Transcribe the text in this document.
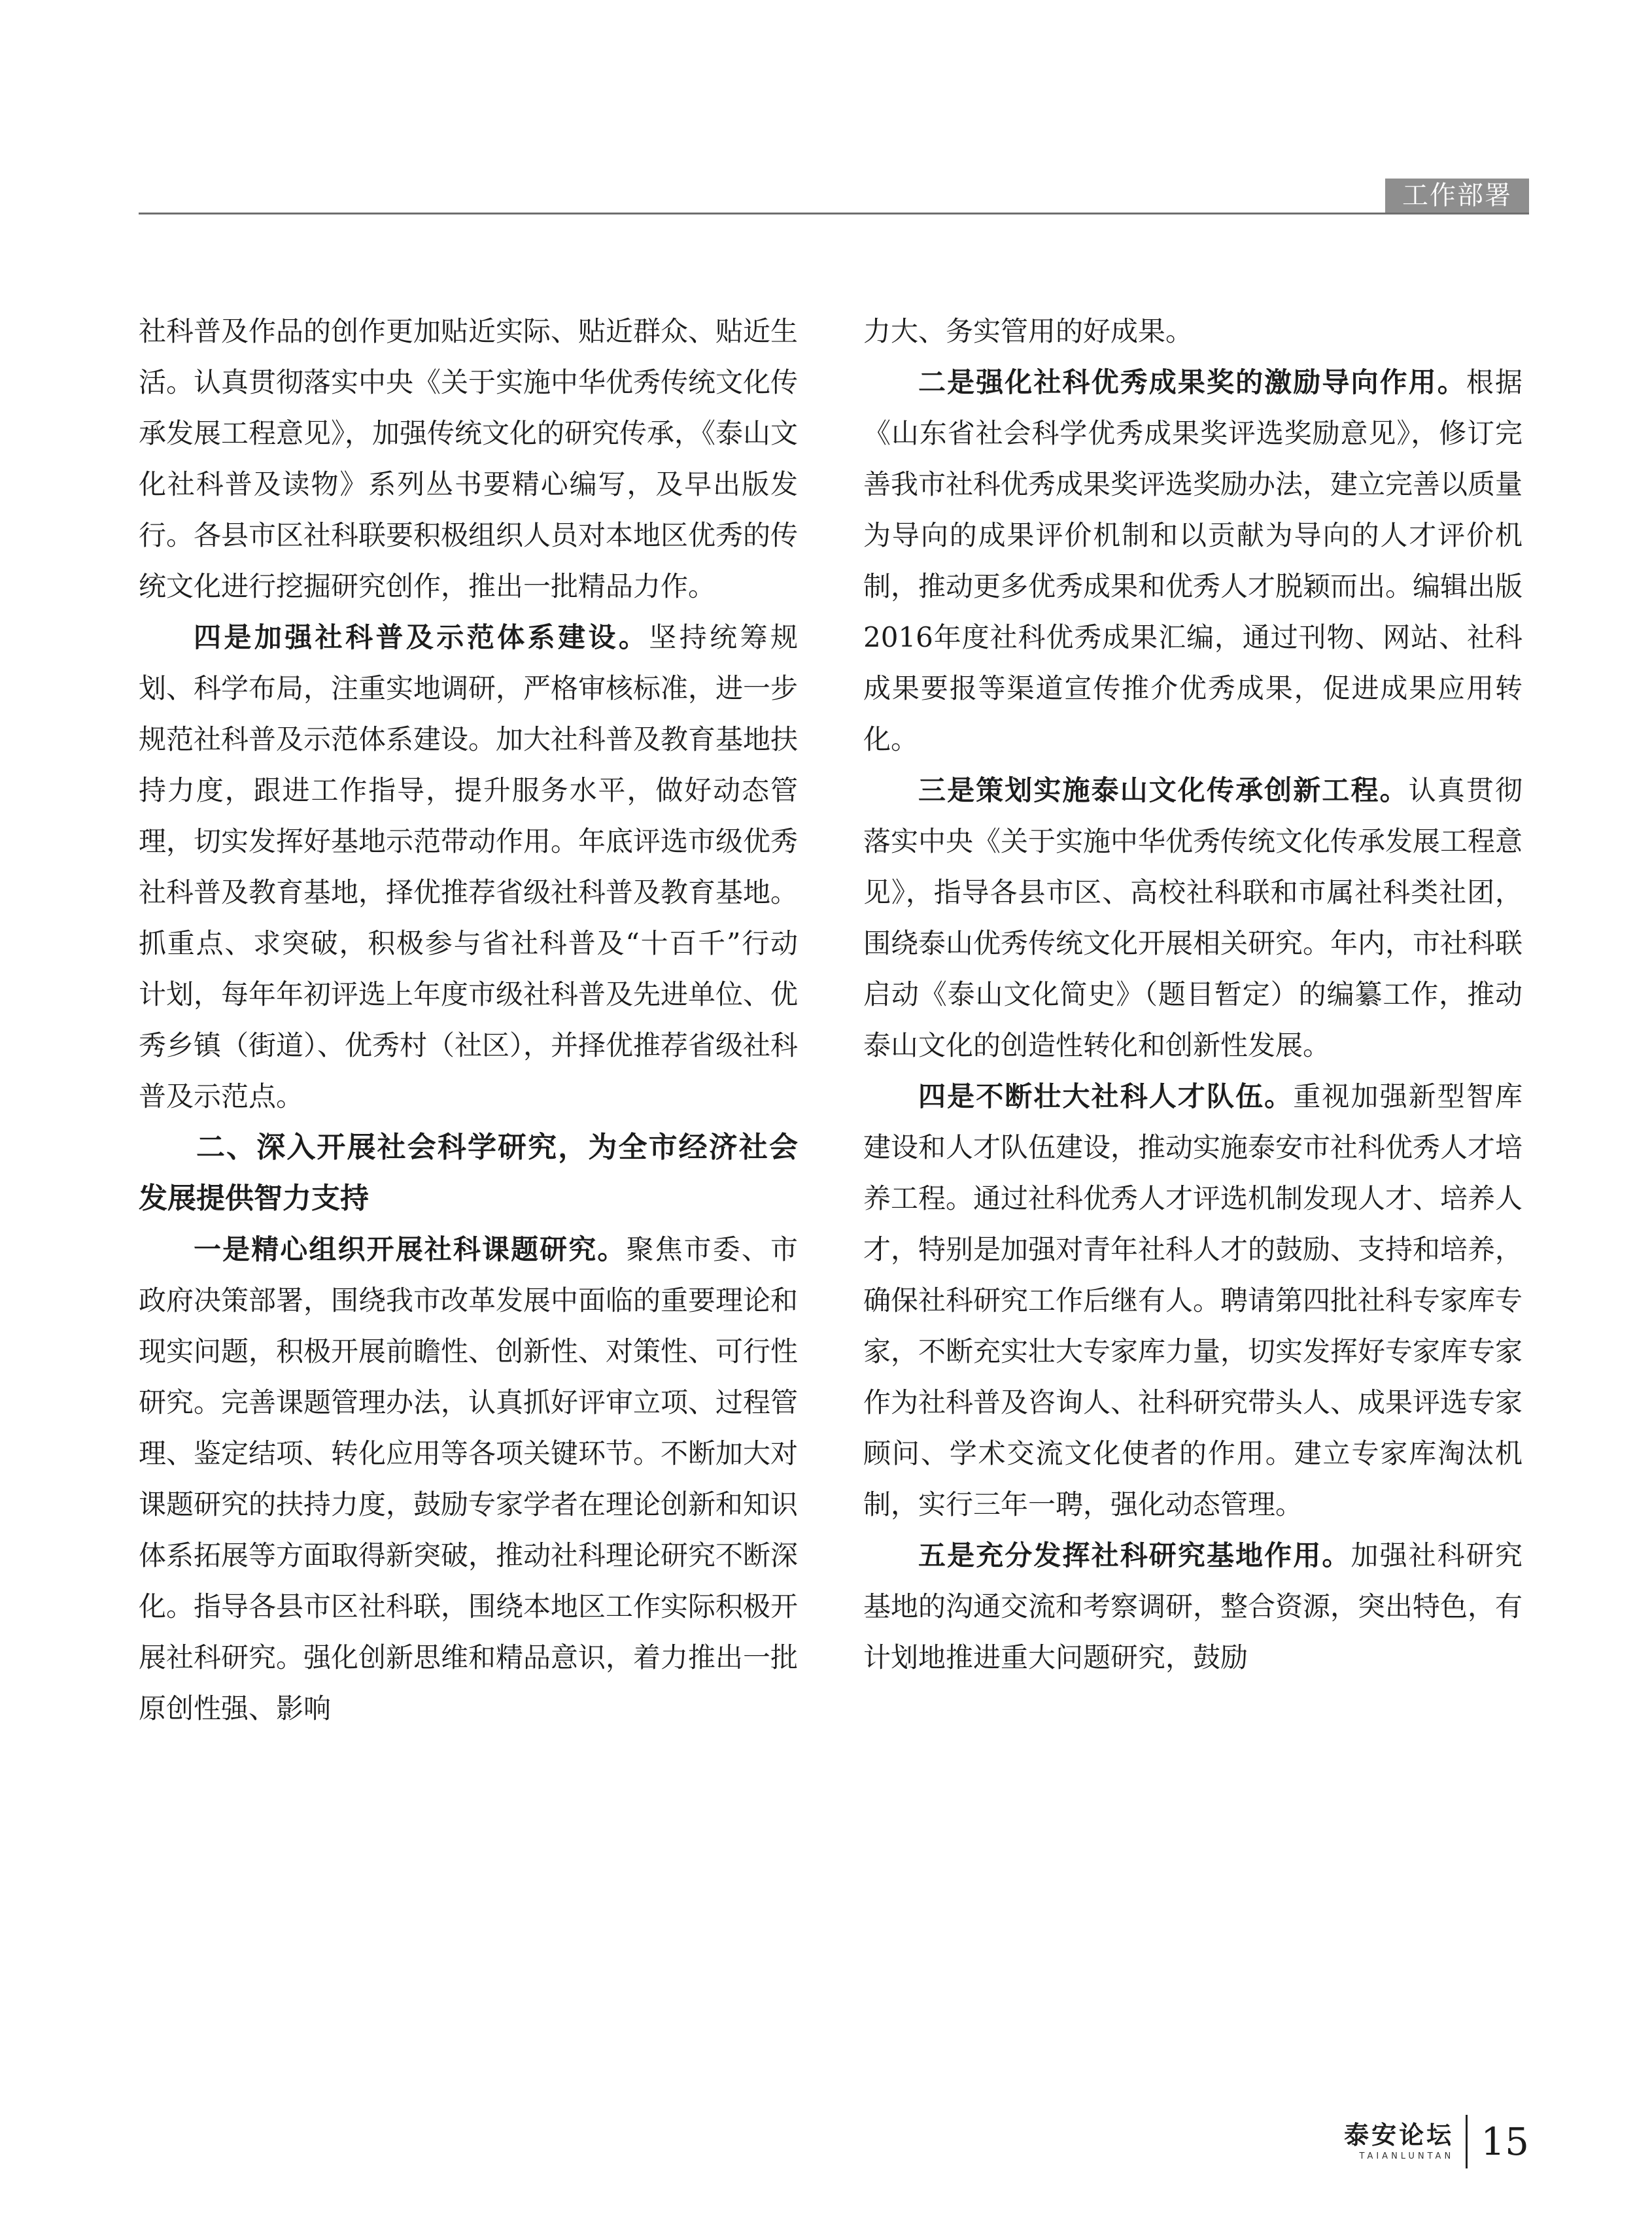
工作部署

社科普及作品的创作更加贴近实际、贴近群众、贴近生活。认真贯彻落实中央《关于实施中华优秀传统文化传承发展工程意见》，加强传统文化的研究传承，《泰山文化社科普及读物》系列丛书要精心编写，及早出版发行。各县市区社科联要积极组织人员对本地区优秀的传统文化进行挖掘研究创作，推出一批精品力作。

四是加强社科普及示范体系建设。坚持统筹规划、科学布局，注重实地调研，严格审核标准，进一步规范社科普及示范体系建设。加大社科普及教育基地扶持力度，跟进工作指导，提升服务水平，做好动态管理，切实发挥好基地示范带动作用。年底评选市级优秀社科普及教育基地，择优推荐省级社科普及教育基地。抓重点、求突破，积极参与省社科普及“十百千”行动计划，每年年初评选上年度市级社科普及先进单位、优秀乡镇（街道）、优秀村（社区），并择优推荐省级社科普及示范点。

二、深入开展社会科学研究，为全市经济社会发展提供智力支持

一是精心组织开展社科课题研究。聚焦市委、市政府决策部署，围绕我市改革发展中面临的重要理论和现实问题，积极开展前瞻性、创新性、对策性、可行性研究。完善课题管理办法，认真抓好评审立项、过程管理、鉴定结项、转化应用等各项关键环节。不断加大对课题研究的扶持力度，鼓励专家学者在理论创新和知识体系拓展等方面取得新突破，推动社科理论研究不断深化。指导各县市区社科联，围绕本地区工作实际积极开展社科研究。强化创新思维和精品意识，着力推出一批原创性强、影响

力大、务实管用的好成果。

二是强化社科优秀成果奖的激励导向作用。根据《山东省社会科学优秀成果奖评选奖励意见》，修订完善我市社科优秀成果奖评选奖励办法，建立完善以质量为导向的成果评价机制和以贡献为导向的人才评价机制，推动更多优秀成果和优秀人才脱颖而出。编辑出版2016年度社科优秀成果汇编，通过刊物、网站、社科成果要报等渠道宣传推介优秀成果，促进成果应用转化。

三是策划实施泰山文化传承创新工程。认真贯彻落实中央《关于实施中华优秀传统文化传承发展工程意见》，指导各县市区、高校社科联和市属社科类社团，围绕泰山优秀传统文化开展相关研究。年内，市社科联启动《泰山文化简史》（题目暂定）的编纂工作，推动泰山文化的创造性转化和创新性发展。

四是不断壮大社科人才队伍。重视加强新型智库建设和人才队伍建设，推动实施泰安市社科优秀人才培养工程。通过社科优秀人才评选机制发现人才、培养人才，特别是加强对青年社科人才的鼓励、支持和培养，确保社科研究工作后继有人。聘请第四批社科专家库专家，不断充实壮大专家库力量，切实发挥好专家库专家作为社科普及咨询人、社科研究带头人、成果评选专家顾问、学术交流文化使者的作用。建立专家库淘汰机制，实行三年一聘，强化动态管理。

五是充分发挥社科研究基地作用。加强社科研究基地的沟通交流和考察调研，整合资源，突出特色，有计划地推进重大问题研究，鼓励

泰安论坛
TAIANLUNTAN 15
